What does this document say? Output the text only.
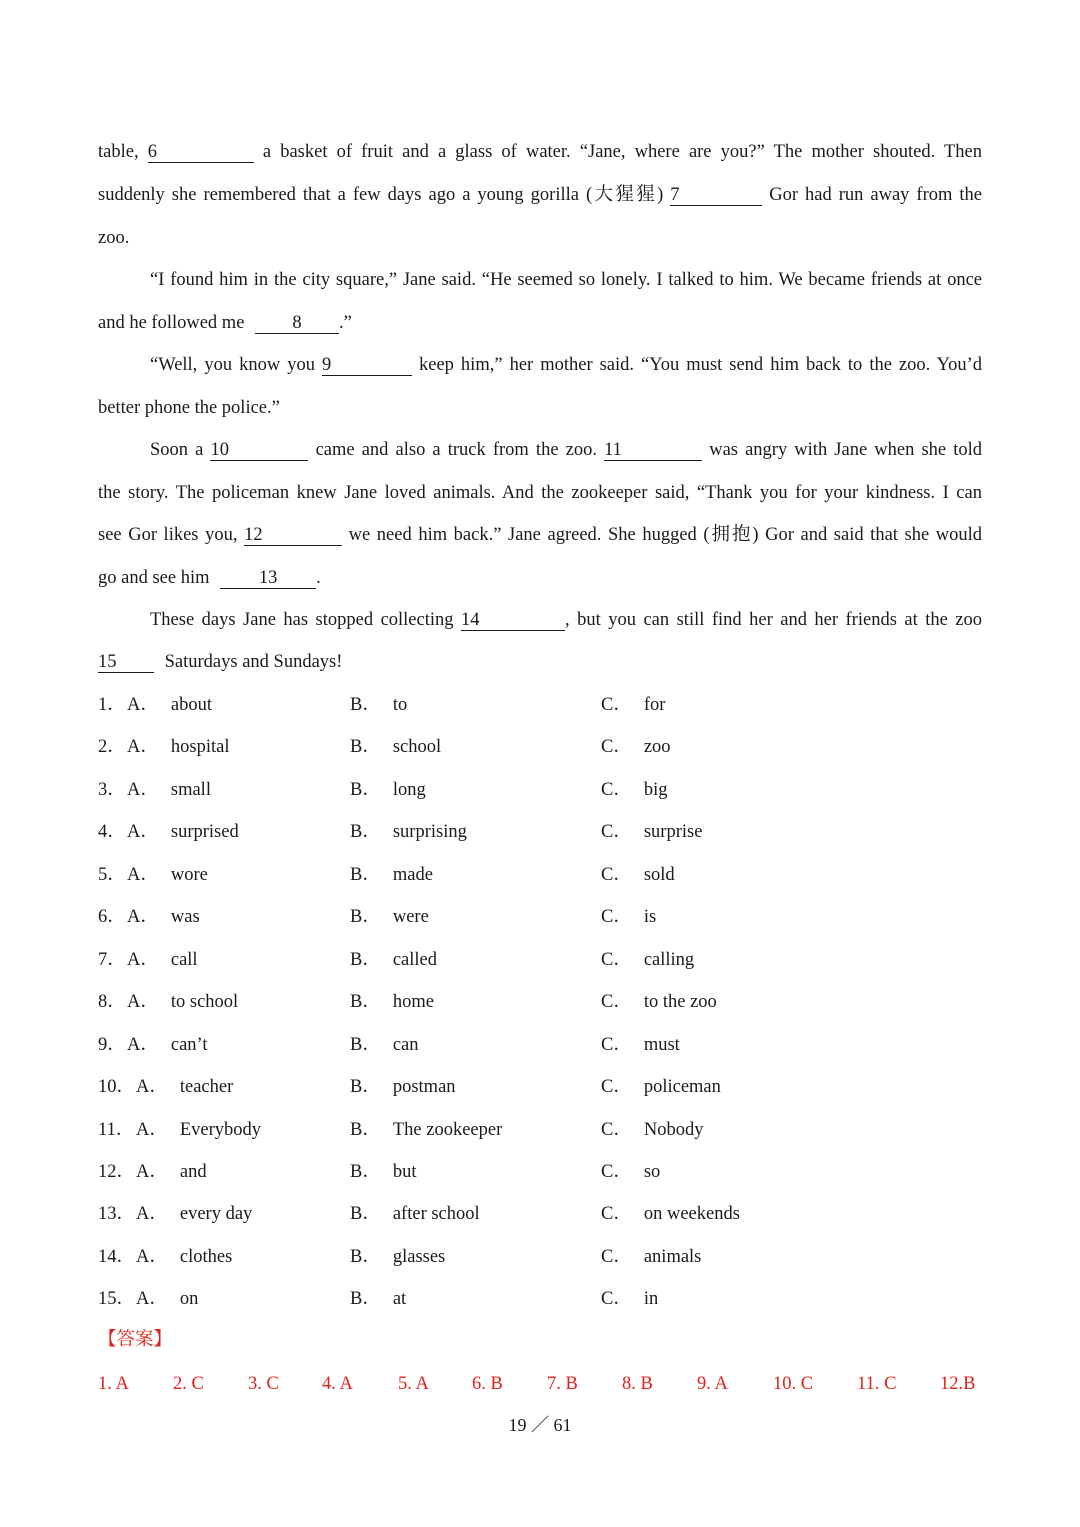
table, 6	a basket of fruit and a glass of water. “Jane, where are you?” The mother shouted. Then
suddenly she remembered that a few days ago a young gorilla (大猩猩) 7	Gor had run away from the
zoo.
“I found him in the city square,” Jane said. “He seemed so lonely. I talked to him. We became friends at once
and he followed me	8 .”
“Well, you know you 9	keep him,” her mother said. “You must send him back to the zoo. You’d
better phone the police.”
Soon a 10	came and also a truck from the zoo. 11	was angry with Jane when she told
the story. The policeman knew Jane loved animals. And the zookeeper said, “Thank you for your kindness. I can
see Gor likes you, 12	we need him back.” Jane agreed. She hugged (拥抱) Gor and said that she would
go and see him	13 .
These days Jane has stopped collecting 14	, but you can still find her and her friends at the zoo
15	Saturdays and Sundays!
1． A． about	B． to	C． for
2． A． hospital	B． school	C． zoo
3． A． small	B． long	C． big
4． A． surprised	B． surprising	C． surprise
5． A． wore	B． made	C． sold
6． A． was	B． were	C． is
7． A． call	B． called	C． calling
8． A． to school	B． home	C． to the zoo
9． A． can’t	B． can	C． must
10． A． teacher	B． postman	C． policeman
11． A． Everybody	B． The zookeeper	C． Nobody
12． A． and	B． but	C． so
13． A． every day	B． after school	C． on weekends
14． A． clothes	B． glasses	C． animals
15． A． on	B． at	C． in
【答案】
1. A 2. C 3. C 4. A 5. A 6. B 7. B 8. B 9. A 10. C 11. C 12.B
19 ／ 61
